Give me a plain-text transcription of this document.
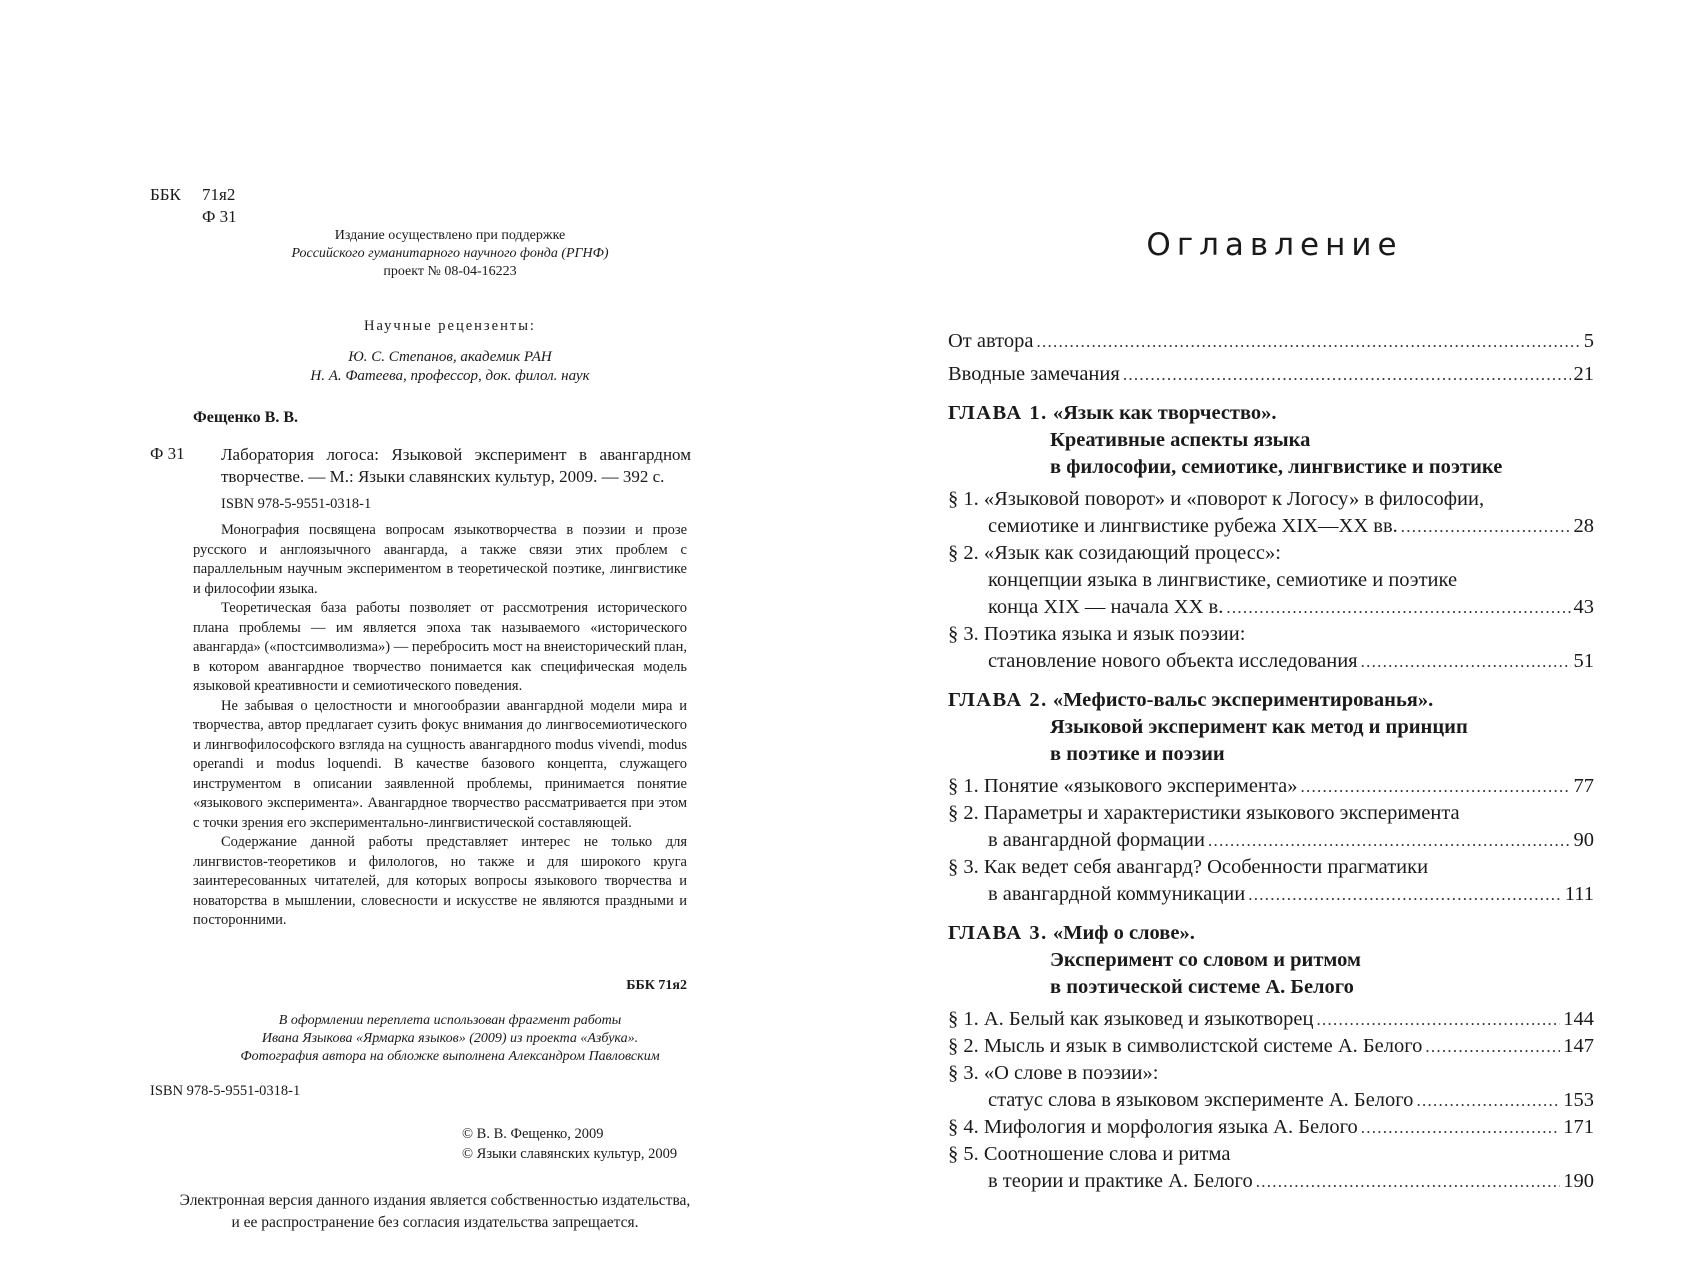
ББК 71я2
Ф 31
Издание осуществлено при поддержке
Российского гуманитарного научного фонда (РГНФ)
проект № 08-04-16223
Научные рецензенты:
Ю. С. Степанов, академик РАН
Н. А. Фатеева, профессор, док. филол. наук
Фещенко В. В.
Ф 31 Лаборатория логоса: Языковой эксперимент в авангардном
творчестве. — М.: Языки славянских культур, 2009. — 392 с.
ISBN 978-5-9551-0318-1

Монография посвящена вопросам языкотворчества в поэзии и прозе русского и англоязычного авангарда, а также связи этих проблем с параллельным научным экспериментом в теоретической поэтике, лингвистике и философии языка.

Теоретическая база работы позволяет от рассмотрения исторического плана проблемы — им является эпоха так называемого «исторического авангарда» («постсимволизма») — перебросить мост на внеисторический план, в котором авангардное творчество понимается как специфическая модель языковой креативности и семиотического поведения.

Не забывая о целостности и многообразии авангардной модели мира и творчества, автор предлагает сузить фокус внимания до лингвосемиотического и лингвофилософского взгляда на сущность авангардного modus vivendi, modus operandi и modus loquendi. В качестве базового концепта, служащего инструментом в описании заявленной проблемы, принимается понятие «языкового эксперимента». Авангардное творчество рассматривается при этом с точки зрения его экспериментально-лингвистической составляющей.

Содержание данной работы представляет интерес не только для лингвистов-теоретиков и филологов, но также и для широкого круга заинтересованных читателей, для которых вопросы языкового творчества и новаторства в мышлении, словесности и искусстве не являются праздными и посторонними.

ББК 71я2
В оформлении переплета использован фрагмент работы
Ивана Языкова «Ярмарка языков» (2009) из проекта «Азбука».
Фотография автора на обложке выполнена Александром Павловским
ISBN 978-5-9551-0318-1
© В. В. Фещенко, 2009
© Языки славянских культур, 2009
Электронная версия данного издания является собственностью издательства,
и ее распространение без согласия издательства запрещается.
Оглавление
От автора . . .	5
Вводные замечания . . .	21
ГЛАВА 1. «Язык как творчество».
Креативные аспекты языка
в философии, семиотике, лингвистике и поэтике
§ 1. «Языковой поворот» и «поворот к Логосу» в философии,
семиотике и лингвистике рубежа XIX—XX вв. . . .	28
§ 2. «Язык как созидающий процесс»:
концепции языка в лингвистике, семиотике и поэтике
конца XIX — начала XX в. . . .	43
§ 3. Поэтика языка и язык поэзии:
становление нового объекта исследования . . .	51
ГЛАВА 2. «Мефисто-вальс экспериментированья».
Языковой эксперимент как метод и принцип
в поэтике и поэзии
§ 1. Понятие «языкового эксперимента» . . .	77
§ 2. Параметры и характеристики языкового эксперимента
в авангардной формации . . .	90
§ 3. Как ведет себя авангард? Особенности прагматики
в авангардной коммуникации . . .	111
ГЛАВА 3. «Миф о слове».
Эксперимент со словом и ритмом
в поэтической системе А. Белого
§ 1. А. Белый как языковед и языкотворец . . .	144
§ 2. Мысль и язык в символистской системе А. Белого . . .	147
§ 3. «О слове в поэзии»:
статус слова в языковом эксперименте А. Белого . . .	153
§ 4. Мифология и морфология языка А. Белого . . .	171
§ 5. Соотношение слова и ритма
в теории и практике А. Белого . . .	190
